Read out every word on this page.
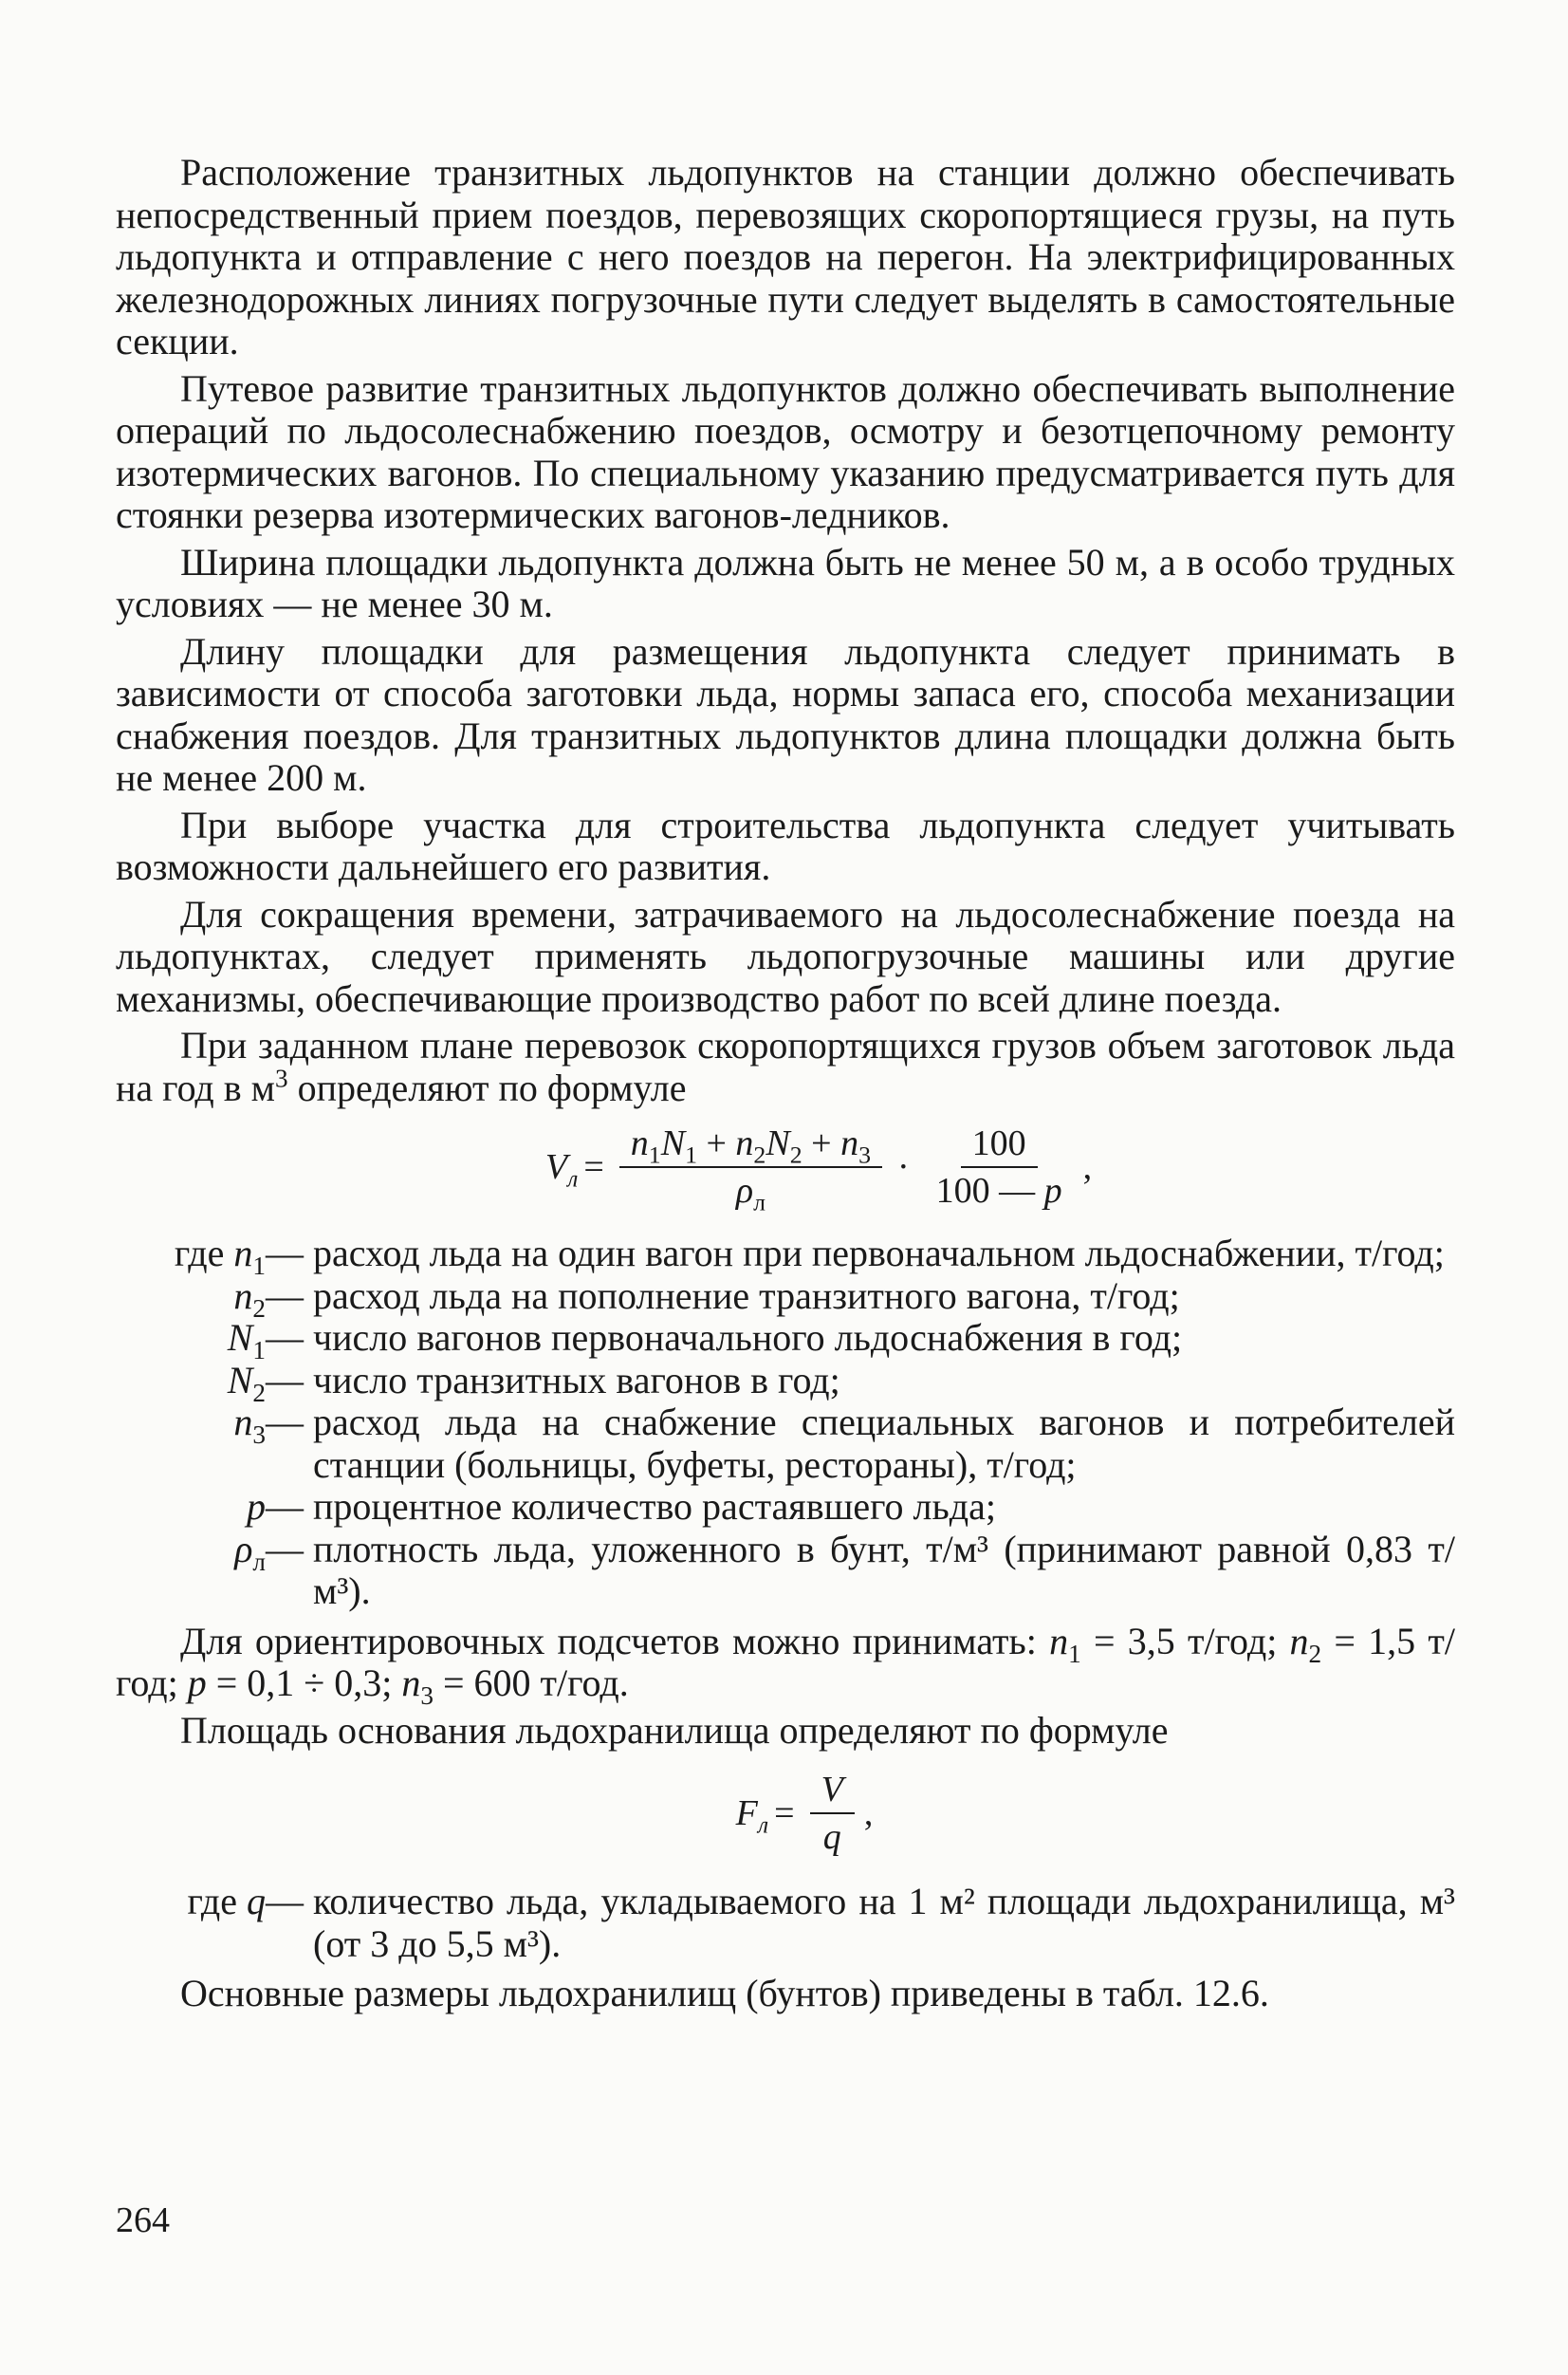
Расположение транзитных льдопунктов на станции должно обеспечивать непосредственный прием поездов, перевозящих скоропортящиеся грузы, на путь льдопункта и отправление с него поездов на перегон. На электрифицированных железнодорожных линиях погрузочные пути следует выделять в самостоятельные секции.

Путевое развитие транзитных льдопунктов должно обеспечивать выполнение операций по льдосолеснабжению поездов, осмотру и безотцепочному ремонту изотермических вагонов. По специальному указанию предусматривается путь для стоянки резерва изотермических вагонов-ледников.

Ширина площадки льдопункта должна быть не менее 50 м, а в особо трудных условиях — не менее 30 м.

Длину площадки для размещения льдопункта следует принимать в зависимости от способа заготовки льда, нормы запаса его, способа механизации снабжения поездов. Для транзитных льдопунктов длина площадки должна быть не менее 200 м.

При выборе участка для строительства льдопункта следует учитывать возможности дальнейшего его развития.

Для сокращения времени, затрачиваемого на льдосолеснабжение поезда на льдопунктах, следует применять льдопогрузочные машины или другие механизмы, обеспечивающие производство работ по всей длине поезда.

При заданном плане перевозок скоропортящихся грузов объем заготовок льда на год в $м^3$ определяют по формуле

$V_л = \frac{n_1N_1 + n_2N_2 + n_3}{\rho_л} \cdot \frac{100}{100 — p}$ ,
где $n_1—$ расход льда на один вагон при первоначальном льдоснабжении, т/год;
$n_2—$ расход льда на пополнение транзитного вагона, т/год;
$N_1—$ число вагонов первоначального льдоснабжения в год;
$N_2—$ число транзитных вагонов в год;
$n_3—$ расход льда на снабжение специальных вагонов и потребителей станции (больницы, буфеты, рестораны), т/год;
p— процентное количество растаявшего льда;
$\rho_л—$ плотность льда, уложенного в бунт, т/м³ (принимают равной 0,83 т/м³).

Для ориентировочных подсчетов можно принимать: $n_1 = 3,5$ т/год; $n_2 = 1,5$ т/год; p = 0,1 ÷ 0,3; $n_3 = 600$ т/год.

Площадь основания льдохранилища определяют по формуле

$F_л = \frac{V}{q}$ ,
где q— количество льда, укладываемого на 1 м² площади льдохранилища, м³ (от 3 до 5,5 м³).

Основные размеры льдохранилищ (бунтов) приведены в табл. 12.6.

264
